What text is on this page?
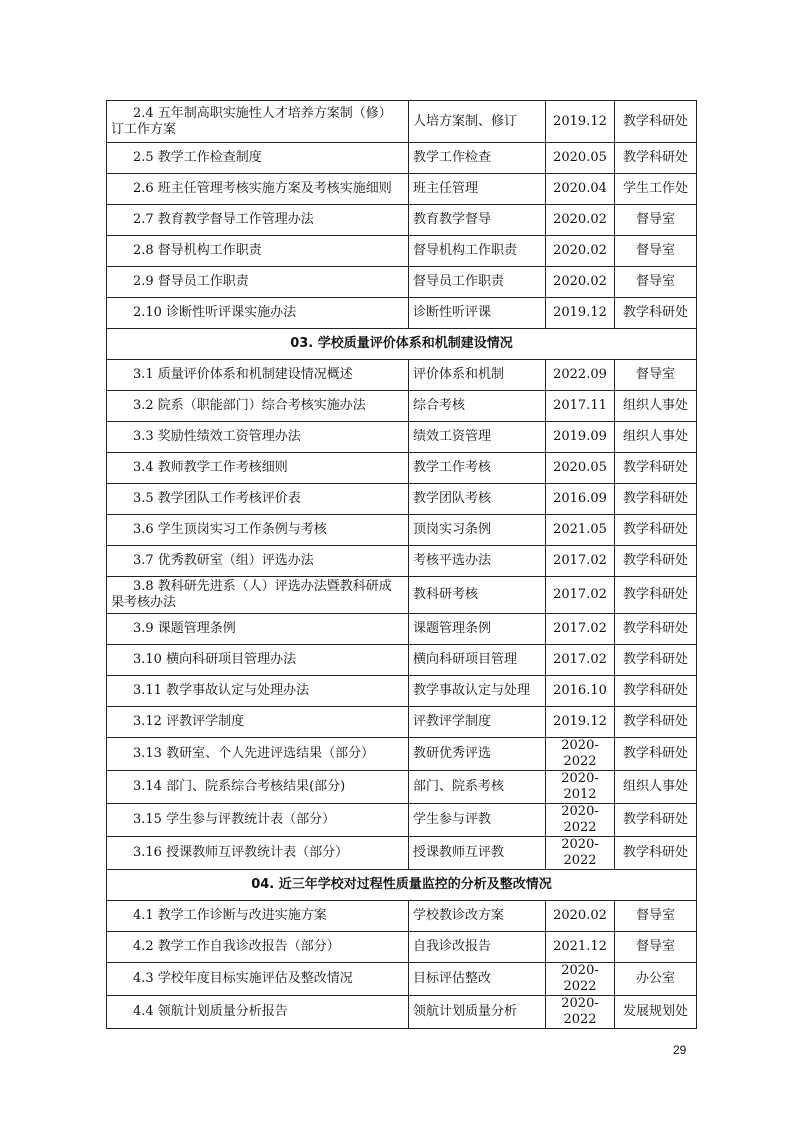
2.4 五年制高职实施性人才培养方案制（修）订工作方案	人培方案制、修订	2019.12	教学科研处
2.5 教学工作检查制度	教学工作检查	2020.05	教学科研处
2.6 班主任管理考核实施方案及考核实施细则	班主任管理	2020.04	学生工作处
2.7 教育教学督导工作管理办法	教育教学督导	2020.02	督导室
2.8 督导机构工作职责	督导机构工作职责	2020.02	督导室
2.9 督导员工作职责	督导员工作职责	2020.02	督导室
2.10 诊断性听评课实施办法	诊断性听评课	2019.12	教学科研处
03. 学校质量评价体系和机制建设情况			
3.1 质量评价体系和机制建设情况概述	评价体系和机制	2022.09	督导室
3.2 院系（职能部门）综合考核实施办法	综合考核	2017.11	组织人事处
3.3 奖励性绩效工资管理办法	绩效工资管理	2019.09	组织人事处
3.4 教师教学工作考核细则	教学工作考核	2020.05	教学科研处
3.5 教学团队工作考核评价表	教学团队考核	2016.09	教学科研处
3.6 学生顶岗实习工作条例与考核	顶岗实习条例	2021.05	教学科研处
3.7 优秀教研室（组）评选办法	考核平选办法	2017.02	教学科研处
3.8 教科研先进系（人）评选办法暨教科研成果考核办法	教科研考核	2017.02	教学科研处
3.9 课题管理条例	课题管理条例	2017.02	教学科研处
3.10 横向科研项目管理办法	横向科研项目管理	2017.02	教学科研处
3.11 教学事故认定与处理办法	教学事故认定与处理	2016.10	教学科研处
3.12 评教评学制度	评教评学制度	2019.12	教学科研处
3.13 教研室、个人先进评选结果（部分）	教研优秀评选	2020-2022	教学科研处
3.14 部门、院系综合考核结果(部分)	部门、院系考核	2020-2012	组织人事处
3.15 学生参与评教统计表（部分）	学生参与评教	2020-2022	教学科研处
3.16 授课教师互评教统计表（部分）	授课教师互评教	2020-2022	教学科研处
04. 近三年学校对过程性质量监控的分析及整改情况			
4.1 教学工作诊断与改进实施方案	学校教诊改方案	2020.02	督导室
4.2 教学工作自我诊改报告（部分）	自我诊改报告	2021.12	督导室
4.3 学校年度目标实施评估及整改情况	目标评估整改	2020-2022	办公室
4.4 领航计划质量分析报告	领航计划质量分析	2020-2022	发展规划处
29
